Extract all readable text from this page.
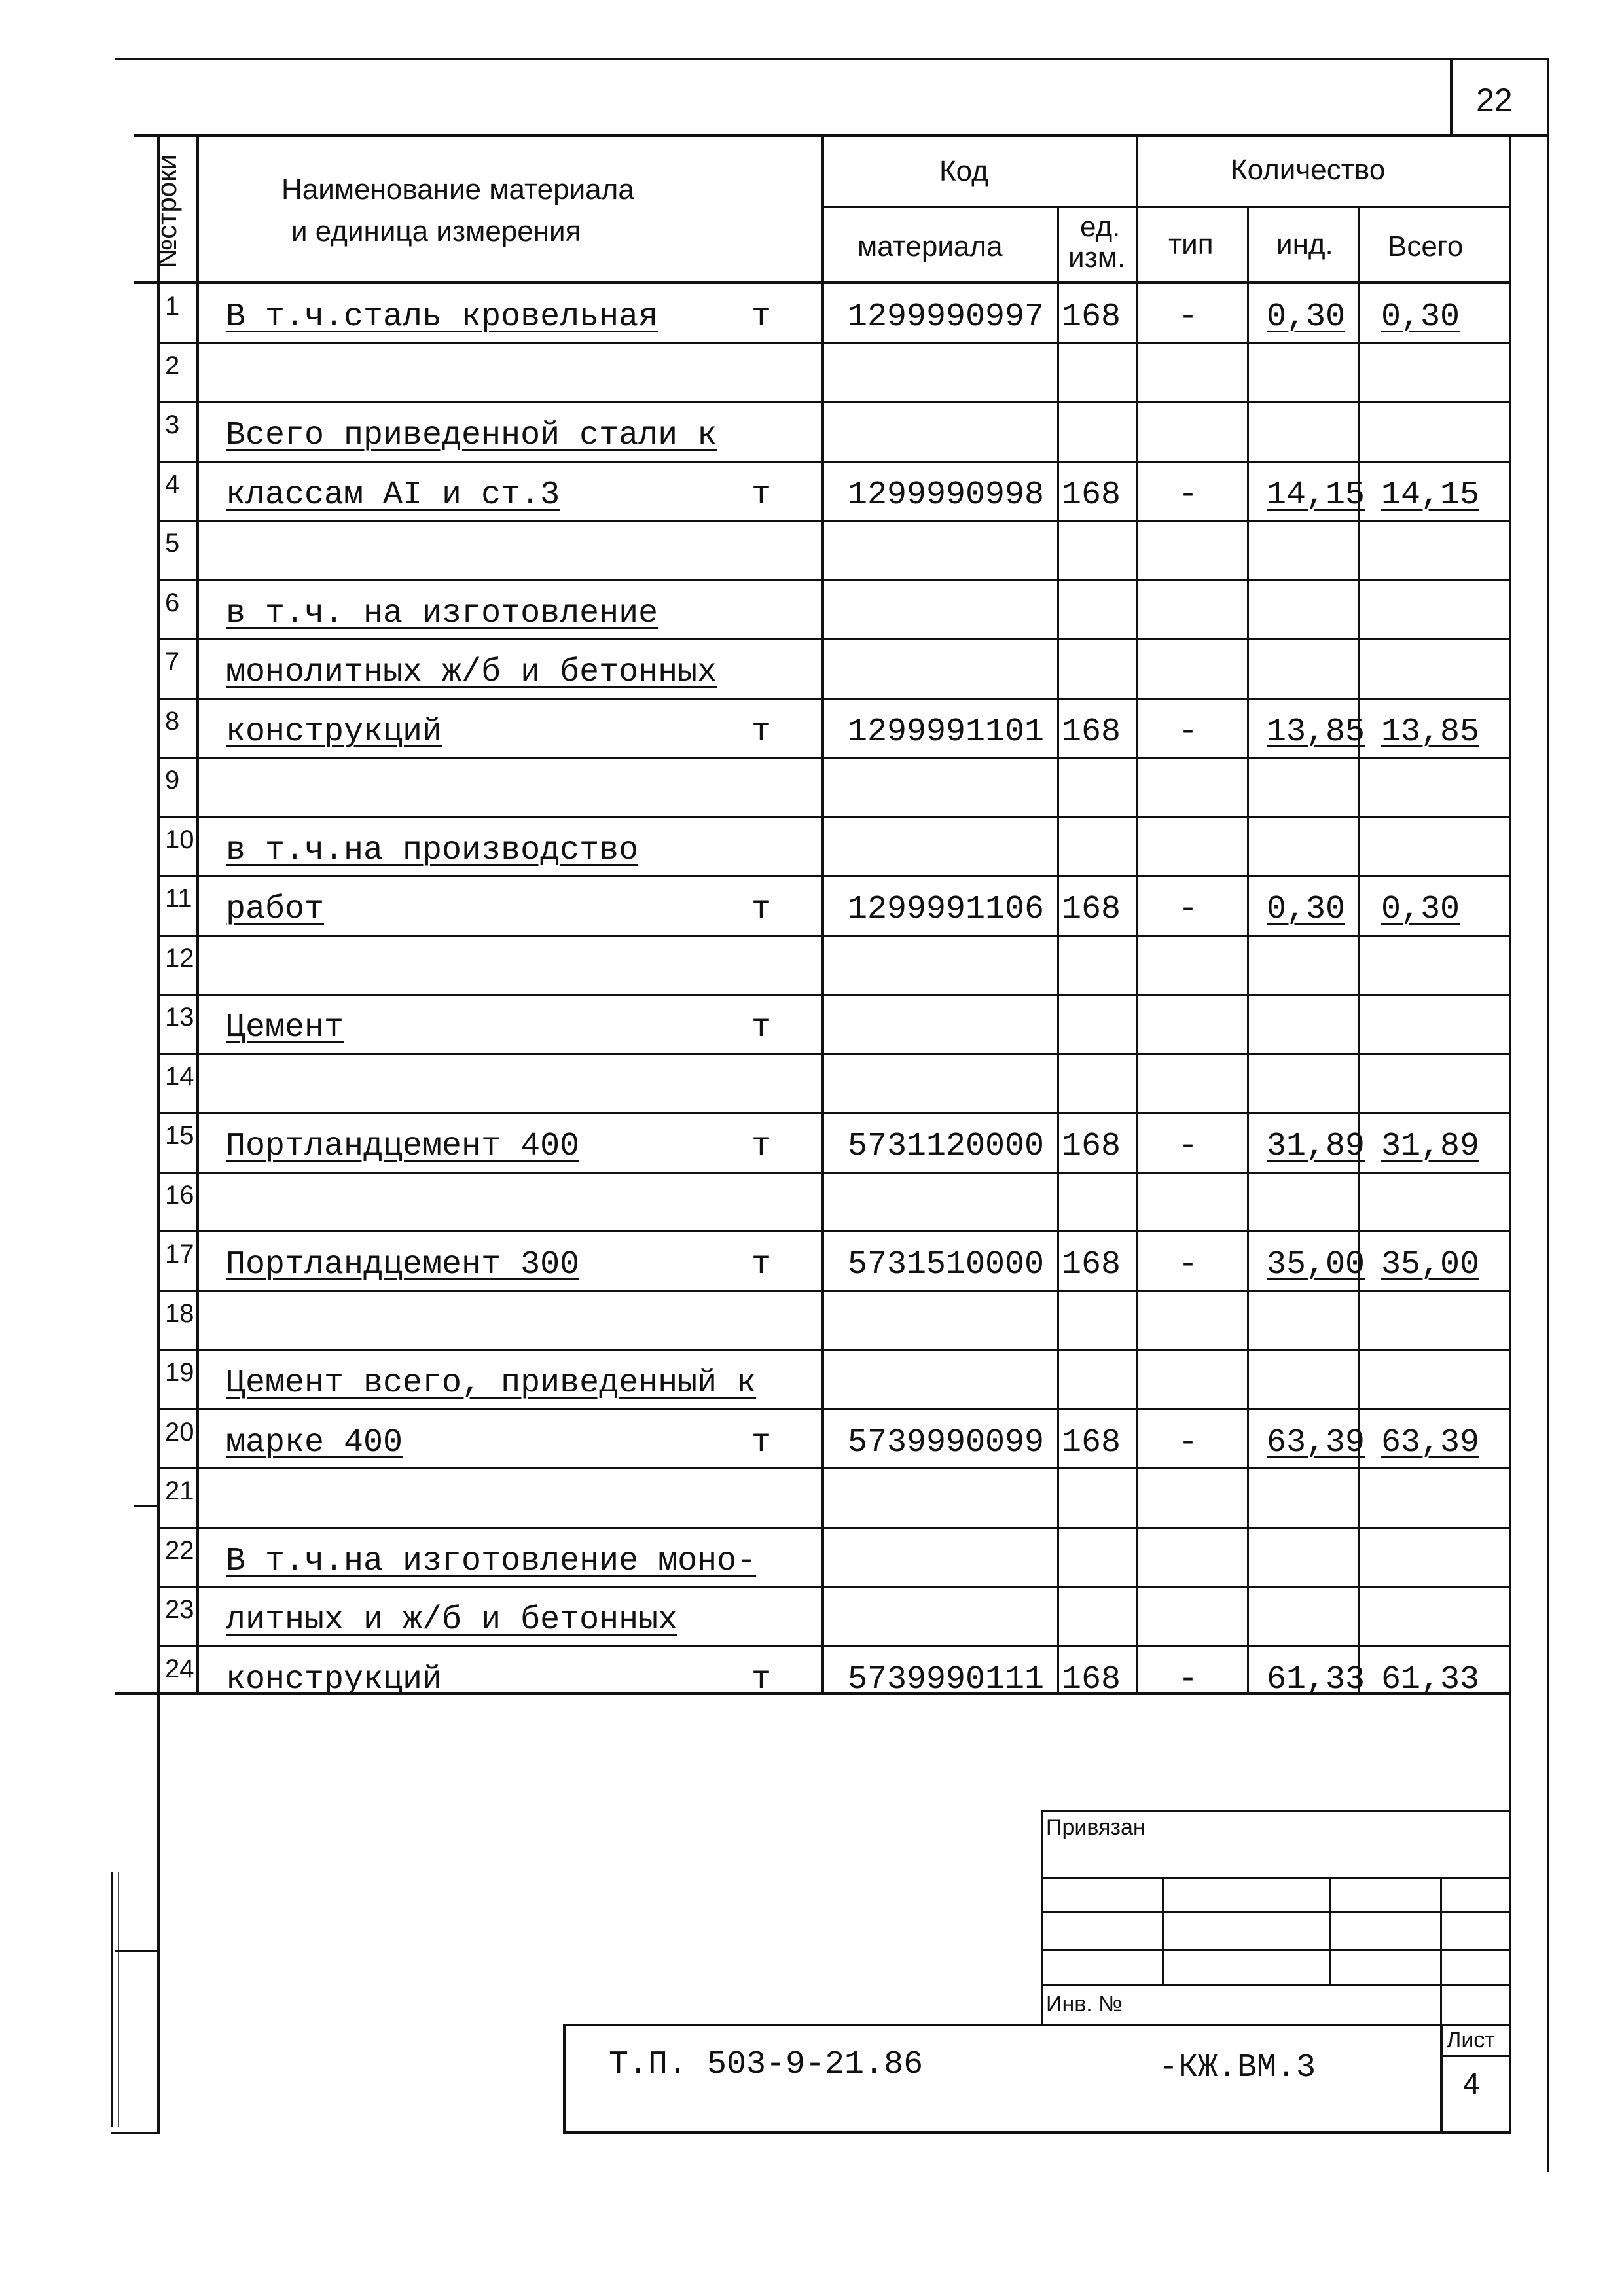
22
№строки	Наименование материала
и единица измерения
Код
материала
ед.
изм.
Количество
тип инд. Всего
1 В т.ч.сталь кровельная	т 1299990997 168 - 0,30 0,30
2
3 Всего приведенной стали к
4 классам АI и ст.3	т 1299990998 168 - 14,15 14,15
5
6 в т.ч. на изготовление
7 монолитных ж/б и бетонных
8 конструкций	т 1299991101 168 - 13,85 13,85
9
10 в т.ч.на производство
11 работ	т 1299991106 168 - 0,30 0,30
12
13 Цемент	т
14
15 Портландцемент 400	т 5731120000 168 - 31,89 31,89
16
17 Портландцемент 300	т 5731510000 168 - 35,00 35,00
18
19 Цемент всего, приведенный к
20 марке 400	т 5739990099 168 - 63,39 63,39
21
22 В т.ч.на изготовление моно-
23 литных и ж/б и бетонных
24 конструкций	т 5739990111 168 - 61,33 61,33
Привязан
Инв. №
Т.П. 503-9-21.86	-КЖ.ВМ.3
Лист
4
